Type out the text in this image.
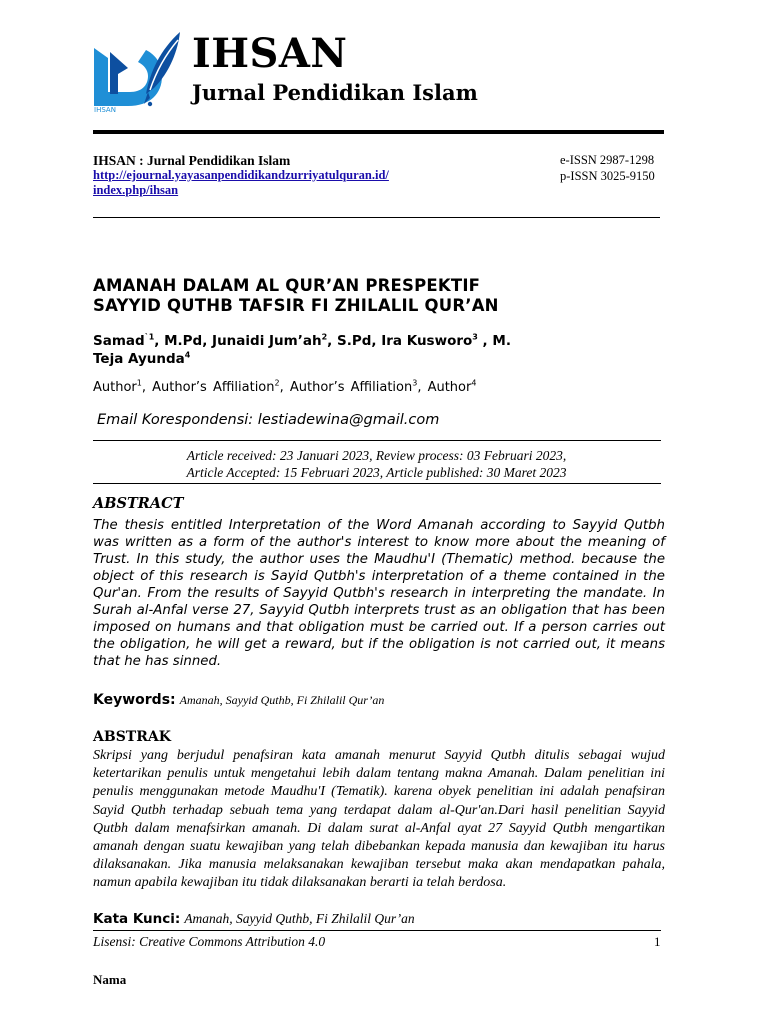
IHSAN
IHSAN
Jurnal Pendidikan Islam
IHSAN : Jurnal Pendidikan Islam
http://ejournal.yayasanpendidikandzurriyatulquran.id/
index.php/ihsan
e-ISSN 2987-1298
p-ISSN 3025-9150
AMANAH DALAM AL QUR’AN PRESPEKTIF
SAYYID QUTHB TAFSIR FI ZHILALIL QUR’AN
Samad$^{`1}$, M.Pd, Junaidi $Jum’ah^2$, S.Pd, Ira Kusworo$^3$ , M.
Teja Ayunda$^4$
Author$^1$, Author’s Affiliation$^2$, Author’s Affiliation$^3$, Author$^4$
Email Korespondensi: lestiadewina@gmail.com
Article received: 23 Januari 2023, Review process: 03 Februari 2023,
Article Accepted: 15 Februari 2023, Article published: 30 Maret 2023
ABSTRACT
The thesis entitled Interpretation of the Word Amanah according to Sayyid Qutbh was written as a form of the author's interest to know more about the meaning of Trust. In this study, the author uses the Maudhu'I (Thematic) method. because the object of this research is Sayid Qutbh's interpretation of a theme contained in the Qur'an. From the results of Sayyid Qutbh's research in interpreting the mandate. In Surah al-Anfal verse 27, Sayyid Qutbh interprets trust as an obligation that has been imposed on humans and that obligation must be carried out. If a person carries out the obligation, he will get a reward, but if the obligation is not carried out, it means that he has sinned.
Keywords: Amanah, Sayyid Quthb, Fi Zhilalil Qur’an
ABSTRAK
Skripsi yang berjudul penafsiran kata amanah menurut Sayyid Qutbh ditulis sebagai wujud ketertarikan penulis untuk mengetahui lebih dalam tentang makna Amanah. Dalam penelitian ini penulis menggunakan metode Maudhu'I (Tematik). karena obyek penelitian ini adalah penafsiran Sayid Qutbh terhadap sebuah tema yang terdapat dalam al-Qur'an.Dari hasil penelitian Sayyid Qutbh dalam menafsirkan amanah. Di dalam surat al-Anfal ayat 27 Sayyid Qutbh mengartikan amanah dengan suatu kewajiban yang telah dibebankan kepada manusia dan kewajiban itu harus dilaksanakan. Jika manusia melaksanakan kewajiban tersebut maka akan mendapatkan pahala, namun apabila kewajiban itu tidak dilaksanakan berarti ia telah berdosa.
Kata Kunci: Amanah, Sayyid Quthb, Fi Zhilalil Qur’an
Lisensi: Creative Commons Attribution 4.0	1
Nama
